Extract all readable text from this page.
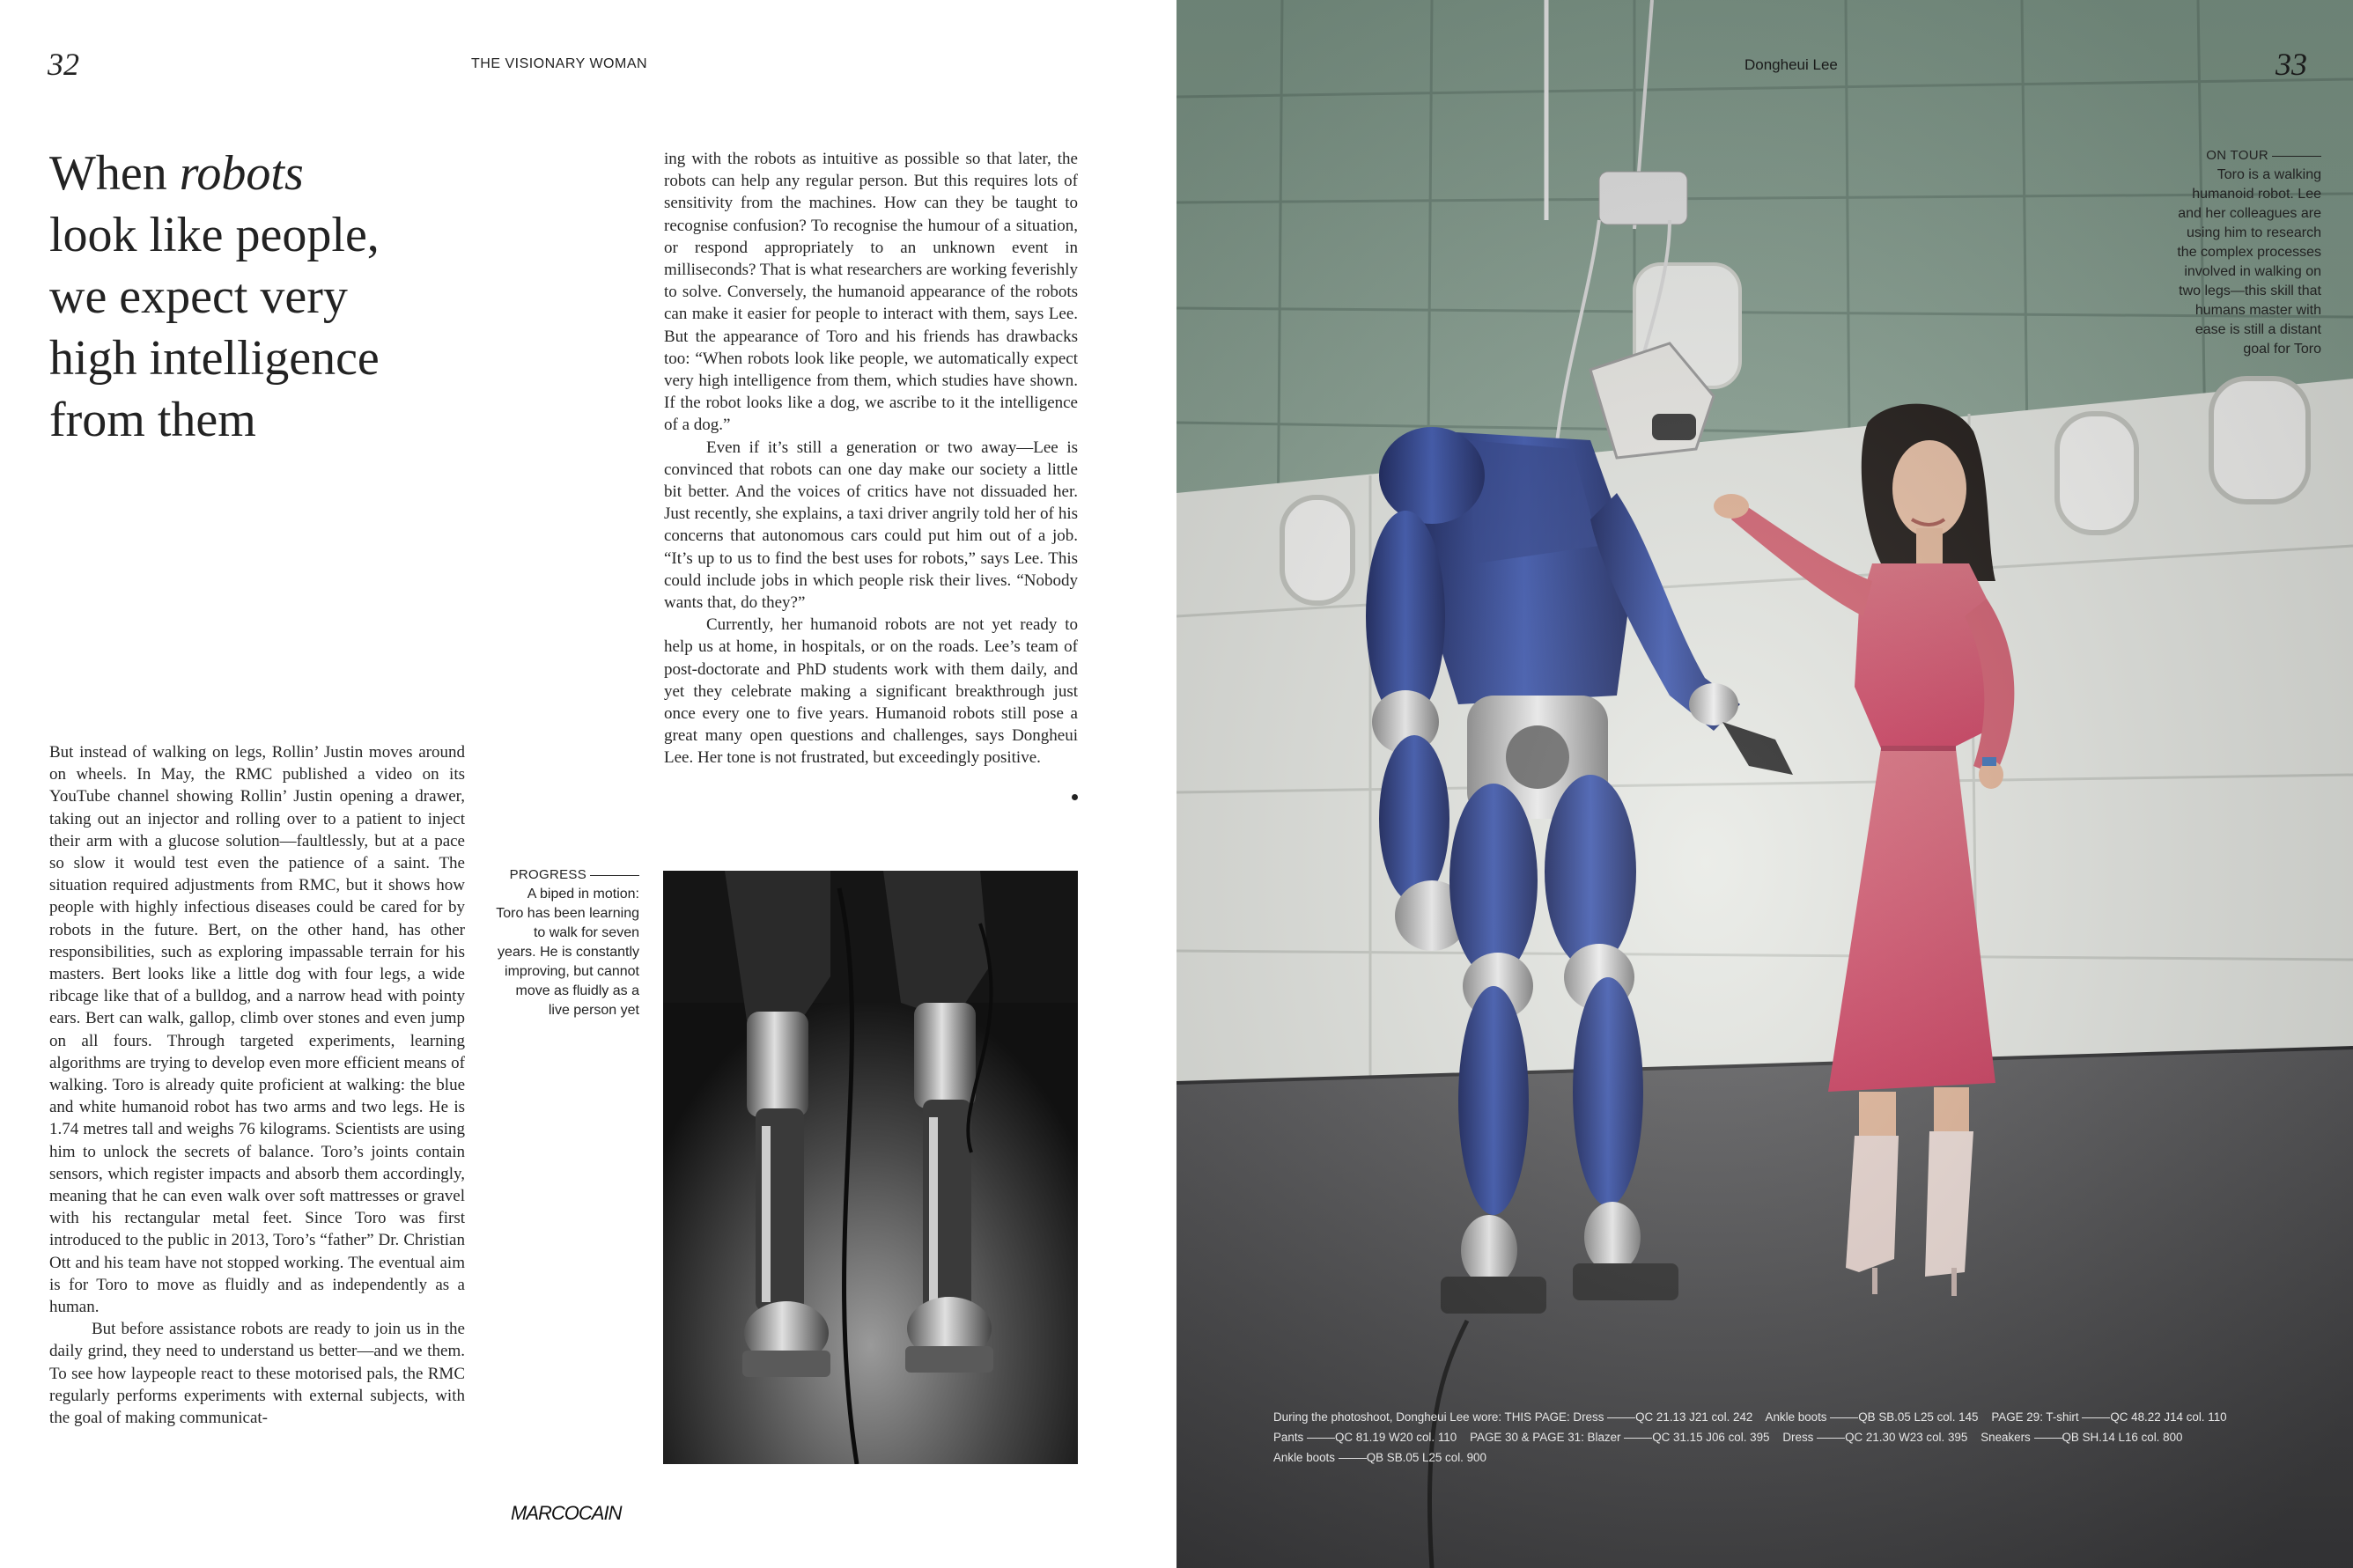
32	THE VISIONARY WOMAN
When robots
look like people,
we expect very
high intelligence
from them

But instead of walking on legs, Rollin’ Justin moves around on wheels. In May, the RMC published a video on its YouTube channel showing Rollin’ Justin opening a drawer, taking out an injector and rolling over to a patient to inject their arm with a glucose solution—faultlessly, but at a pace so slow it would test even the patience of a saint. The situation required adjustments from RMC, but it shows how people with highly infectious diseases could be cared for by robots in the future. Bert, on the other hand, has other responsibilities, such as exploring impassable terrain for his masters. Bert looks like a little dog with four legs, a wide ribcage like that of a bulldog, and a narrow head with pointy ears. Bert can walk, gallop, climb over stones and even jump on all fours. Through targeted experiments, learning algorithms are trying to develop even more efficient means of walking. Toro is already quite proficient at walking: the blue and white humanoid robot has two arms and two legs. He is 1.74 metres tall and weighs 76 kilograms. Scientists are using him to unlock the secrets of balance. Toro’s joints contain sensors, which register impacts and absorb them accordingly, meaning that he can even walk over soft mattresses or gravel with his rectangular metal feet. Since Toro was first introduced to the public in 2013, Toro’s “father” Dr. Christian Ott and his team have not stopped working. The eventual aim is for Toro to move as fluidly and as independently as a human.

But before assistance robots are ready to join us in the daily grind, they need to understand us better—and we them. To see how laypeople react to these motorised pals, the RMC regularly performs experiments with external subjects, with the goal of making communicat-

ing with the robots as intuitive as possible so that later, the robots can help any regular person. But this requires lots of sensitivity from the machines. How can they be taught to recognise confusion? To recognise the humour of a situation, or respond appropriately to an unknown event in milliseconds? That is what researchers are working feverishly to solve. Conversely, the humanoid appearance of the robots can make it easier for people to interact with them, says Lee. But the appearance of Toro and his friends has drawbacks too: “When robots look like people, we automatically expect very high intelligence from them, which studies have shown. If the robot looks like a dog, we ascribe to it the intelligence of a dog.”

Even if it’s still a generation or two away—Lee is convinced that robots can one day make our society a little bit better. And the voices of critics have not dissuaded her. Just recently, she explains, a taxi driver angrily told her of his concerns that autonomous cars could put him out of a job. “It’s up to us to find the best uses for robots,” says Lee. This could include jobs in which people risk their lives. “Nobody wants that, do they?”

Currently, her humanoid robots are not yet ready to help us at home, in hospitals, or on the roads. Lee’s team of post-doctorate and PhD students work with them daily, and yet they celebrate making a significant breakthrough just once every one to five years. Humanoid robots still pose a great many open questions and challenges, says Dongheui Lee. Her tone is not frustrated, but exceedingly positive.

PROGRESS
A biped in motion:
Toro has been learning
to walk for seven
years. He is constantly
improving, but cannot
move as fluidly as a
live person yet
MARCOCAIN
Dongheui Lee	33
ON TOUR
Toro is a walking
humanoid robot. Lee
and her colleagues are
using him to research
the complex processes
involved in walking on
two legs—this skill that
humans master with
ease is still a distant
goal for Toro
During the photoshoot, Dongheui Lee wore: THIS PAGE: Dress	QC 21.13 J21 col. 242 Ankle boots	QB SB.05 L25 col. 145 PAGE 29: T-shirt	QC 48.22 J14 col. 110
Pants	QC 81.19 W20 col. 110 PAGE 30 & PAGE 31: Blazer	QC 31.15 J06 col. 395 Dress	QC 21.30 W23 col. 395 Sneakers	QB SH.14 L16 col. 800
Ankle boots	QB SB.05 L25 col. 900
